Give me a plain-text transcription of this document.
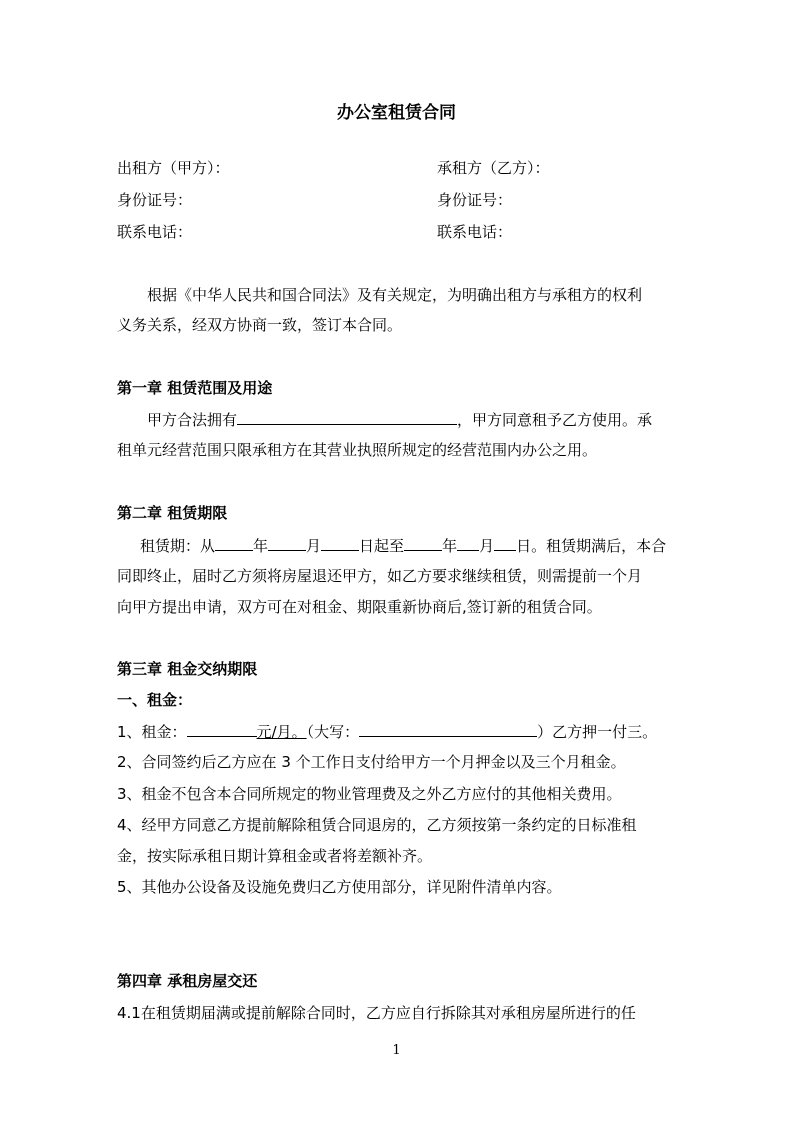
办公室租赁合同
出租方（甲方）：	承租方（乙方）：
身份证号：	身份证号：
联系电话：	联系电话：
根据《中华人民共和国合同法》及有关规定，为明确出租方与承租方的权利
义务关系，经双方协商一致，签订本合同。
第一章 租赁范围及用途
甲方合法拥有	，甲方同意租予乙方使用。承
租单元经营范围只限承租方在其营业执照所规定的经营范围内办公之用。
第二章 租赁期限
租赁期：从	年	月	日起至	年 月 日。租赁期满后，本合
同即终止，届时乙方须将房屋退还甲方，如乙方要求继续租赁，则需提前一个月
向甲方提出申请，双方可在对租金、期限重新协商后,签订新的租赁合同。
第三章 租金交纳期限
一、租金：
1、租金：	元/月。（大写：	）乙方押一付三。
2、合同签约后乙方应在 3 个工作日支付给甲方一个月押金以及三个月租金。
3、租金不包含本合同所规定的物业管理费及之外乙方应付的其他相关费用。
4、经甲方同意乙方提前解除租赁合同退房的，乙方须按第一条约定的日标准租
金，按实际承租日期计算租金或者将差额补齐。
5、其他办公设备及设施免费归乙方使用部分，详见附件清单内容。
第四章 承租房屋交还
4.1在租赁期届满或提前解除合同时，乙方应自行拆除其对承租房屋所进行的任
1
